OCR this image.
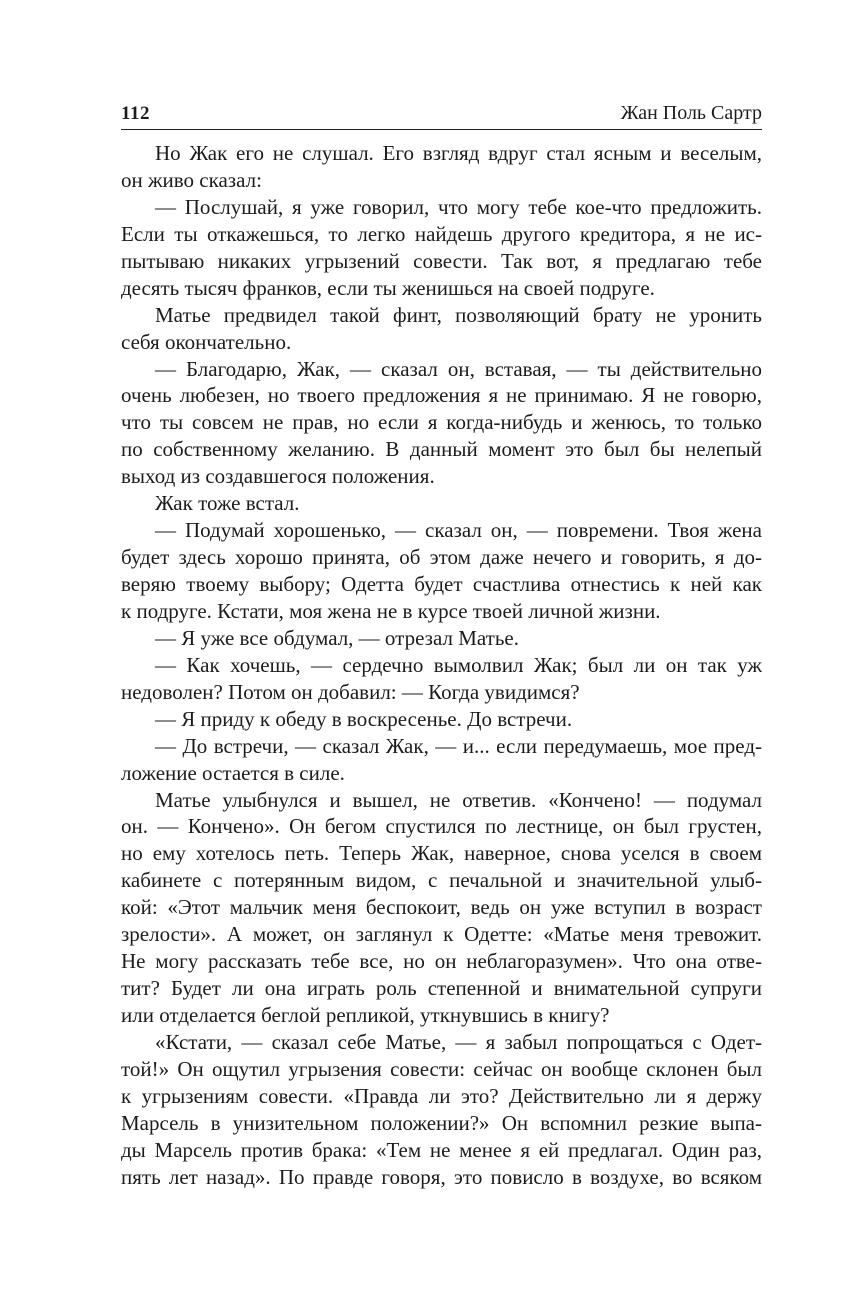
112	Жан Поль Сартр
Но Жак его не слушал. Его взгляд вдруг стал ясным и веселым,
он живо сказал:
— Послушай, я уже говорил, что могу тебе кое-что предложить.
Если ты откажешься, то легко найдешь другого кредитора, я не ис-
пытываю никаких угрызений совести. Так вот, я предлагаю тебе
десять тысяч франков, если ты женишься на своей подруге.
Матье предвидел такой финт, позволяющий брату не уронить
себя окончательно.
— Благодарю, Жак, — сказал он, вставая, — ты действительно
очень любезен, но твоего предложения я не принимаю. Я не говорю,
что ты совсем не прав, но если я когда-нибудь и женюсь, то только
по собственному желанию. В данный момент это был бы нелепый
выход из создавшегося положения.
Жак тоже встал.
— Подумай хорошенько, — сказал он, — повремени. Твоя жена
будет здесь хорошо принята, об этом даже нечего и говорить, я до-
веряю твоему выбору; Одетта будет счастлива отнестись к ней как
к подруге. Кстати, моя жена не в курсе твоей личной жизни.
— Я уже все обдумал, — отрезал Матье.
— Как хочешь, — сердечно вымолвил Жак; был ли он так уж
недоволен? Потом он добавил: — Когда увидимся?
— Я приду к обеду в воскресенье. До встречи.
— До встречи, — сказал Жак, — и... если передумаешь, мое пред-
ложение остается в силе.
Матье улыбнулся и вышел, не ответив. «Кончено! — подумал
он. — Кончено». Он бегом спустился по лестнице, он был грустен,
но ему хотелось петь. Теперь Жак, наверное, снова уселся в своем
кабинете с потерянным видом, с печальной и значительной улыб-
кой: «Этот мальчик меня беспокоит, ведь он уже вступил в возраст
зрелости». А может, он заглянул к Одетте: «Матье меня тревожит.
Не могу рассказать тебе все, но он неблагоразумен». Что она отве-
тит? Будет ли она играть роль степенной и внимательной супруги
или отделается беглой репликой, уткнувшись в книгу?
«Кстати, — сказал себе Матье, — я забыл попрощаться с Одет-
той!» Он ощутил угрызения совести: сейчас он вообще склонен был
к угрызениям совести. «Правда ли это? Действительно ли я держу
Марсель в унизительном положении?» Он вспомнил резкие выпа-
ды Марсель против брака: «Тем не менее я ей предлагал. Один раз,
пять лет назад». По правде говоря, это повисло в воздухе, во всяком
